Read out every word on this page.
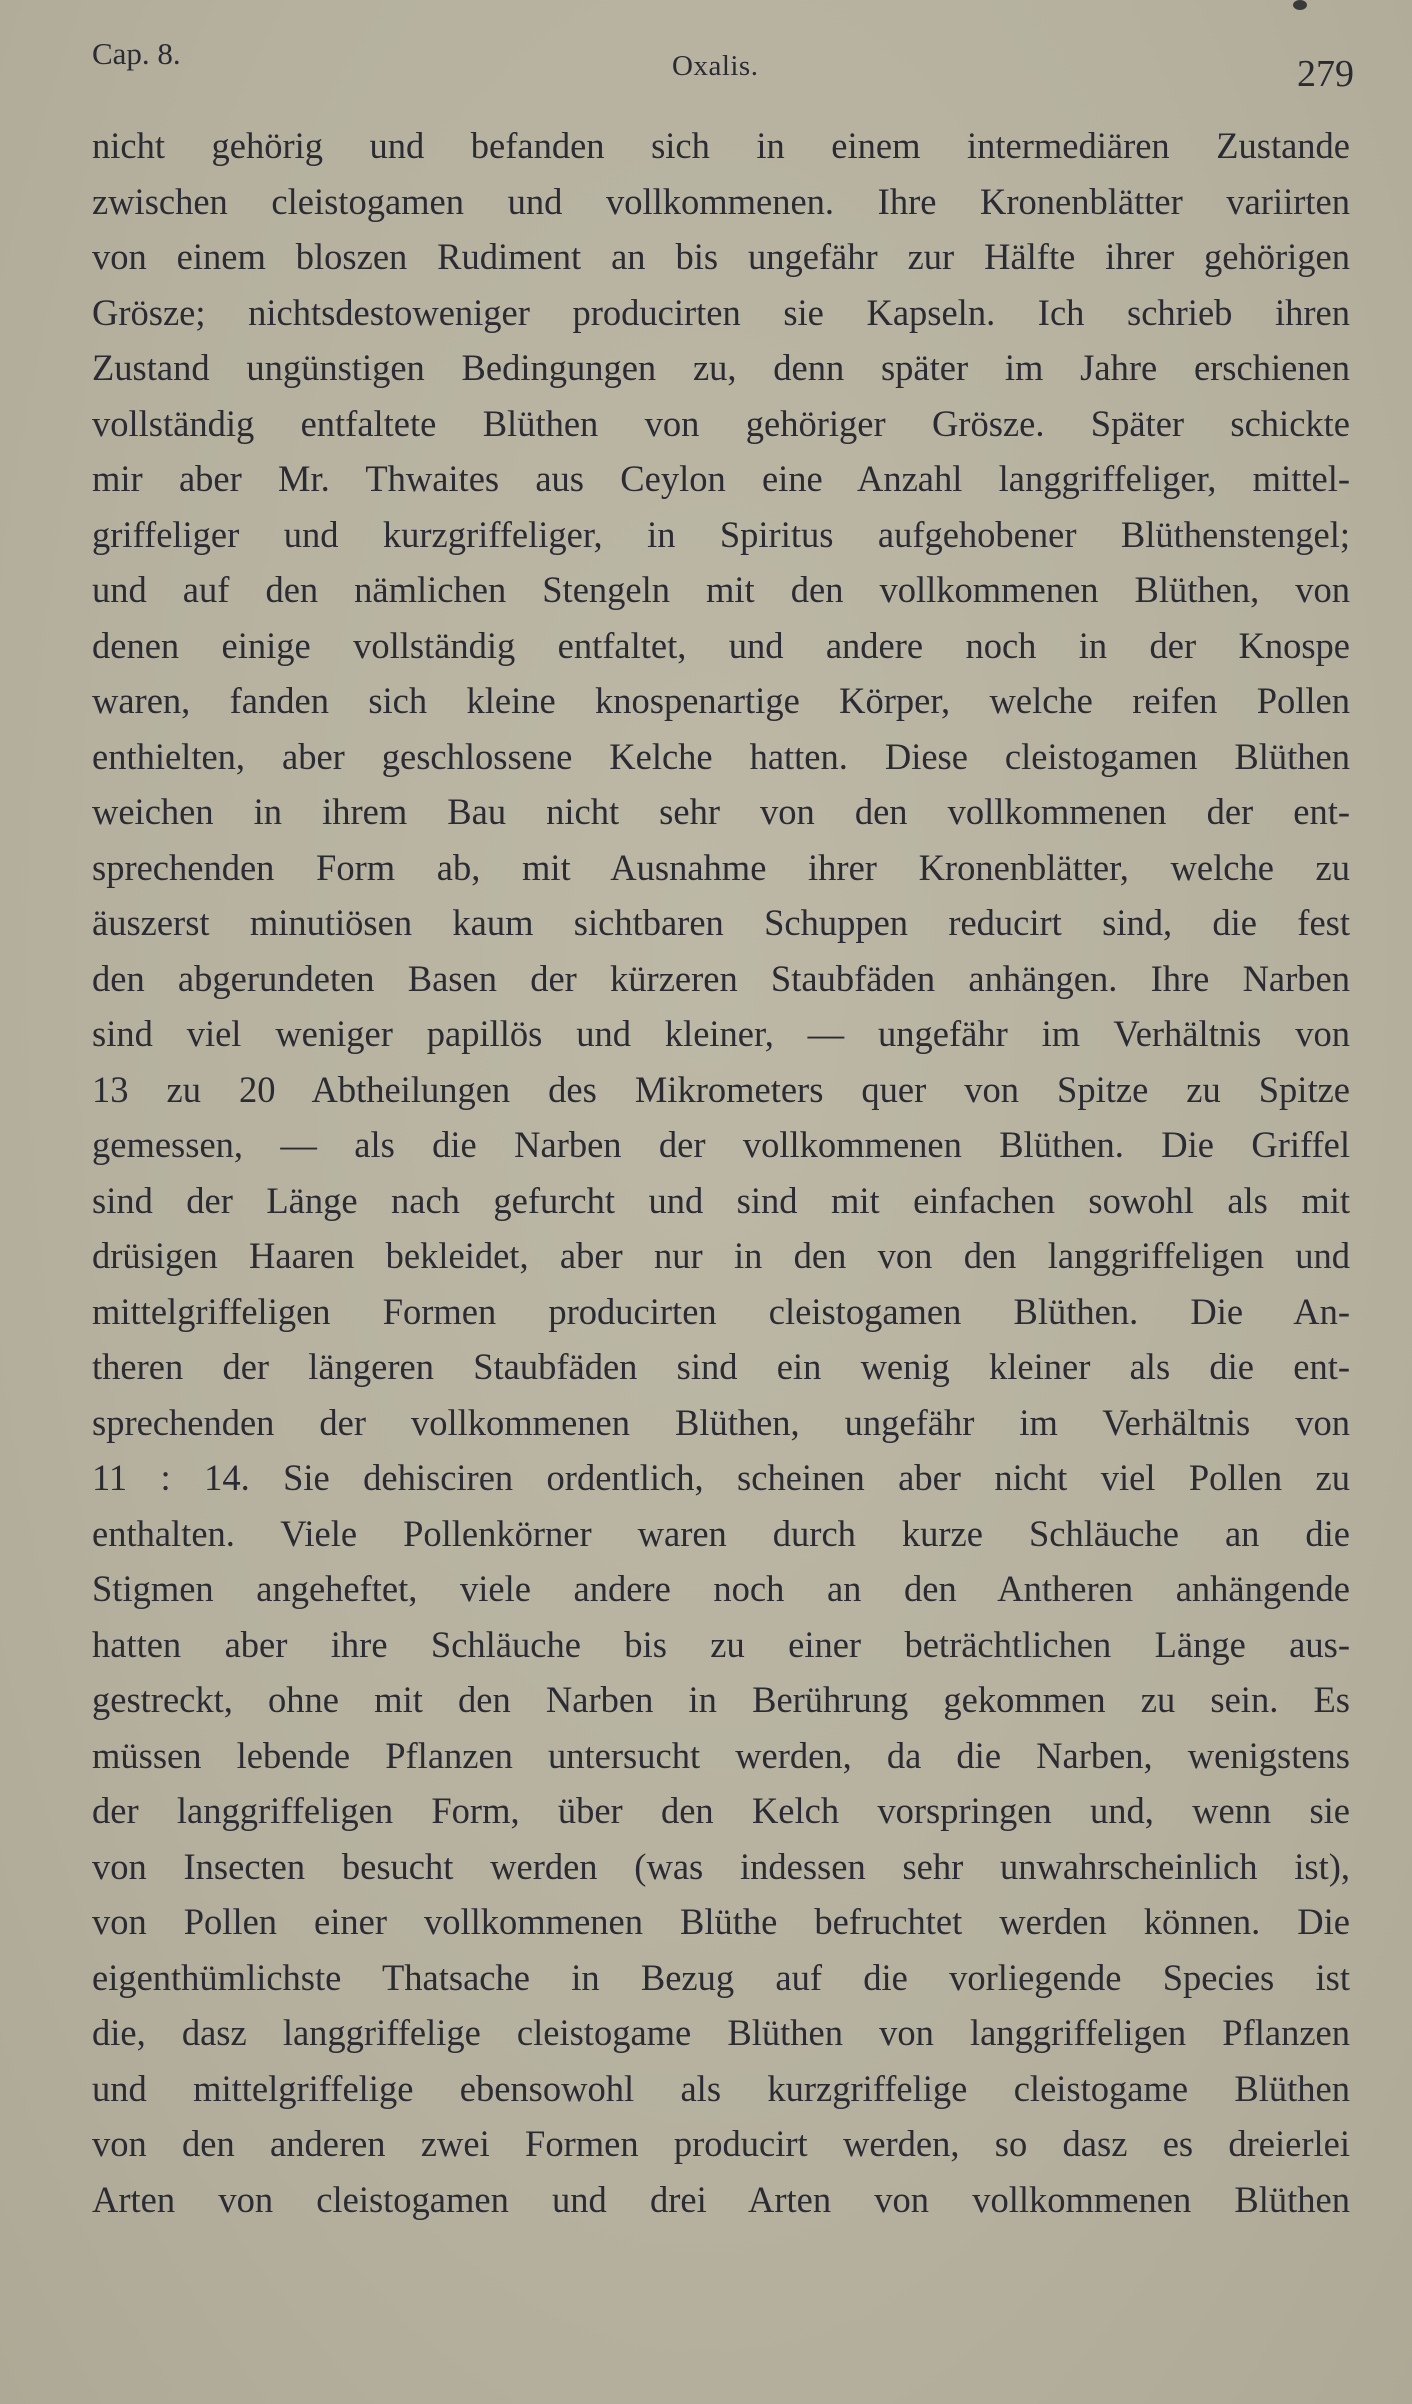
Cap. 8.	Oxalis.	279
nicht gehörig und befanden sich in einem intermediären Zustande
zwischen cleistogamen und vollkommenen. Ihre Kronenblätter variirten
von einem bloszen Rudiment an bis ungefähr zur Hälfte ihrer gehörigen
Grösze; nichtsdestoweniger producirten sie Kapseln. Ich schrieb ihren
Zustand ungünstigen Bedingungen zu, denn später im Jahre erschienen
vollständig entfaltete Blüthen von gehöriger Grösze. Später schickte
mir aber Mr. Thwaites aus Ceylon eine Anzahl langgriffeliger, mittel-
griffeliger und kurzgriffeliger, in Spiritus aufgehobener Blüthenstengel;
und auf den nämlichen Stengeln mit den vollkommenen Blüthen, von
denen einige vollständig entfaltet, und andere noch in der Knospe
waren, fanden sich kleine knospenartige Körper, welche reifen Pollen
enthielten, aber geschlossene Kelche hatten. Diese cleistogamen Blüthen
weichen in ihrem Bau nicht sehr von den vollkommenen der ent-
sprechenden Form ab, mit Ausnahme ihrer Kronenblätter, welche zu
äuszerst minutiösen kaum sichtbaren Schuppen reducirt sind, die fest
den abgerundeten Basen der kürzeren Staubfäden anhängen. Ihre Narben
sind viel weniger papillös und kleiner, — ungefähr im Verhältnis von
13 zu 20 Abtheilungen des Mikrometers quer von Spitze zu Spitze
gemessen, — als die Narben der vollkommenen Blüthen. Die Griffel
sind der Länge nach gefurcht und sind mit einfachen sowohl als mit
drüsigen Haaren bekleidet, aber nur in den von den langgriffeligen und
mittelgriffeligen Formen producirten cleistogamen Blüthen. Die An-
theren der längeren Staubfäden sind ein wenig kleiner als die ent-
sprechenden der vollkommenen Blüthen, ungefähr im Verhältnis von
11 : 14. Sie dehisciren ordentlich, scheinen aber nicht viel Pollen zu
enthalten. Viele Pollenkörner waren durch kurze Schläuche an die
Stigmen angeheftet, viele andere noch an den Antheren anhängende
hatten aber ihre Schläuche bis zu einer beträchtlichen Länge aus-
gestreckt, ohne mit den Narben in Berührung gekommen zu sein. Es
müssen lebende Pflanzen untersucht werden, da die Narben, wenigstens
der langgriffeligen Form, über den Kelch vorspringen und, wenn sie
von Insecten besucht werden (was indessen sehr unwahrscheinlich ist),
von Pollen einer vollkommenen Blüthe befruchtet werden können. Die
eigenthümlichste Thatsache in Bezug auf die vorliegende Species ist
die, dasz langgriffelige cleistogame Blüthen von langgriffeligen Pflanzen
und mittelgriffelige ebensowohl als kurzgriffelige cleistogame Blüthen
von den anderen zwei Formen producirt werden, so dasz es dreierlei
Arten von cleistogamen und drei Arten von vollkommenen Blüthen
